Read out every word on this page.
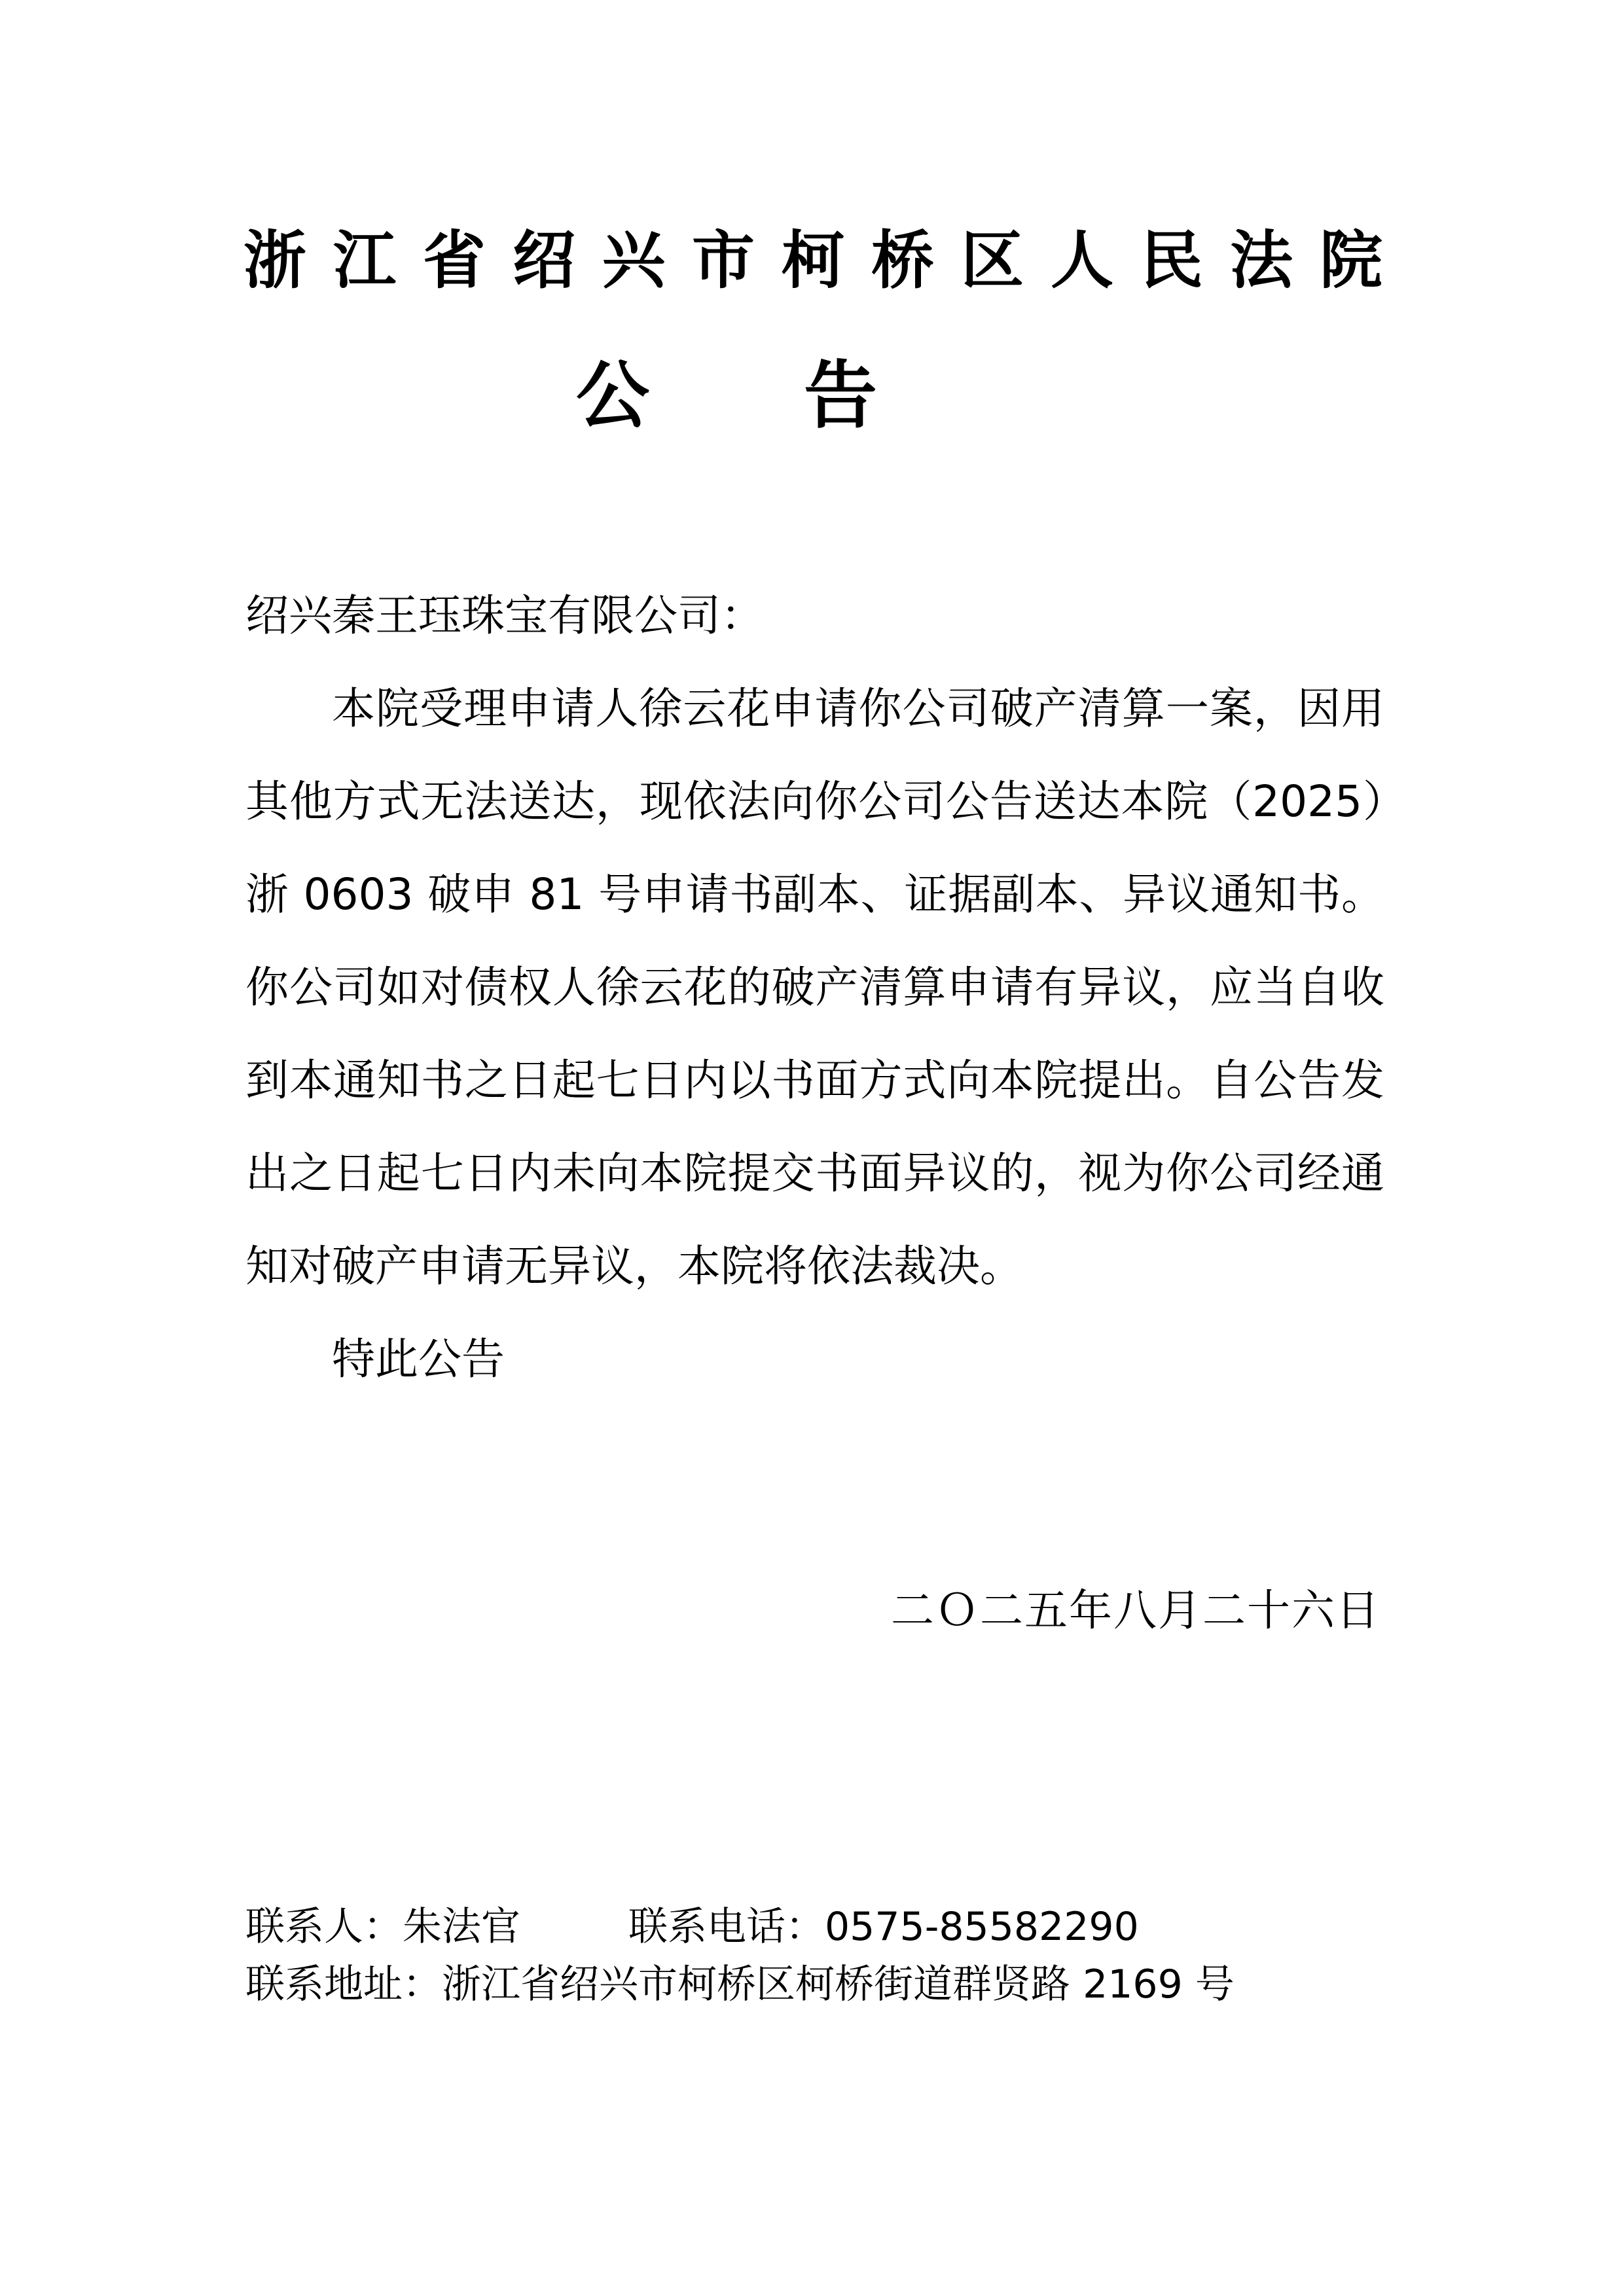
浙 江 省 绍 兴 市 柯 桥 区 人 民 法 院
公 告
绍兴秦王珏珠宝有限公司：
本院受理申请人徐云花申请你公司破产清算一案，因用其他方式无法送达，现依法向你公司公告送达本院（2025）浙 0603 破申 81 号申请书副本、证据副本、异议通知书。你公司如对债权人徐云花的破产清算申请有异议，应当自收到本通知书之日起七日内以书面方式向本院提出。自公告发出之日起七日内未向本院提交书面异议的，视为你公司经通知对破产申请无异议，本院将依法裁决。
特此公告
二Ｏ二五年八月二十六日
联系人：朱法官	联系电话：0575-85582290
联系地址： 浙江省绍兴市柯桥区柯桥街道群贤路 2169 号
